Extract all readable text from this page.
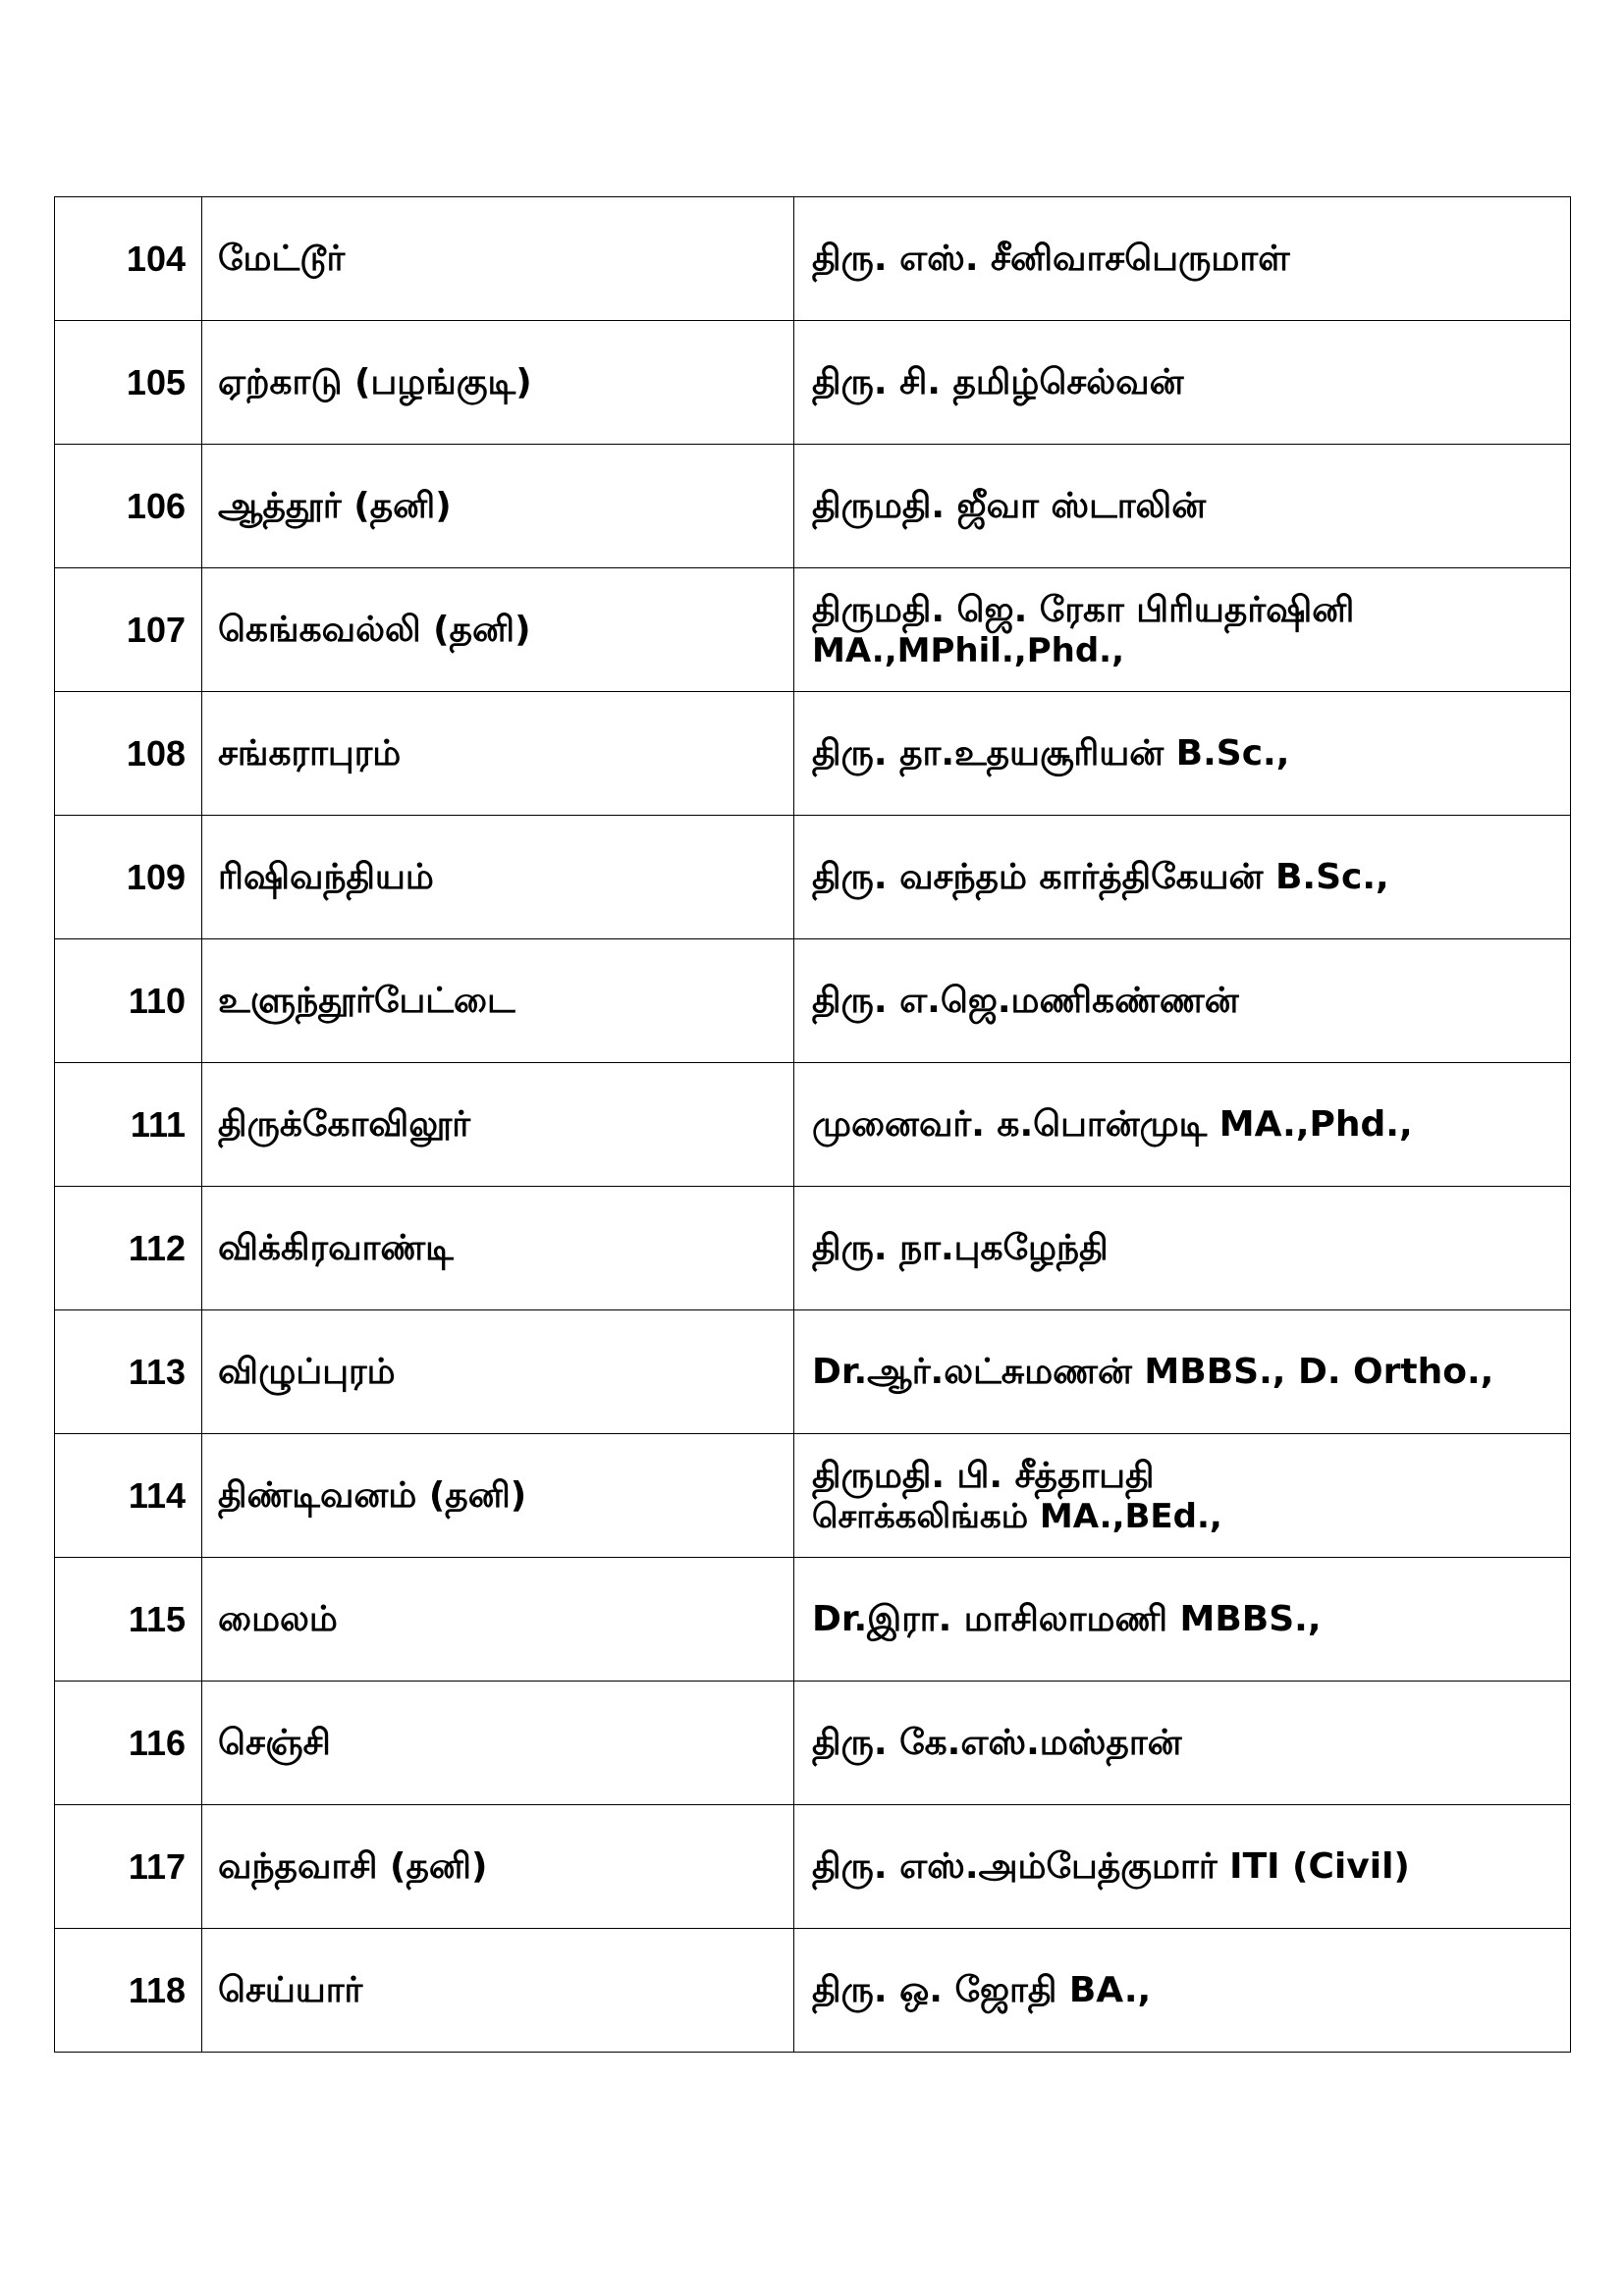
104	மேட்டூர்	திரு. எஸ். சீனிவாசபெருமாள்

105	ஏற்காடு (பழங்குடி)	திரு. சி. தமிழ்செல்வன்

106	ஆத்தூர் (தனி)	திருமதி. ஜீவா ஸ்டாலின்

107	கெங்கவல்லி (தனி)	திருமதி. ஜெ. ரேகா பிரியதர்ஷினி
MA.,MPhil.,Phd.,

108	சங்கராபுரம்	திரு. தா.உதயசூரியன் B.Sc.,

109	ரிஷிவந்தியம்	திரு. வசந்தம் கார்த்திகேயன் B.Sc.,

110	உளுந்தூர்பேட்டை	திரு. எ.ஜெ.மணிகண்ணன்

111	திருக்கோவிலூர்	முனைவர். க.பொன்முடி MA.,Phd.,

112	விக்கிரவாண்டி	திரு. நா.புகழேந்தி

113	விழுப்புரம்	Dr.ஆர்.லட்சுமணன் MBBS., D. Ortho.,

114	திண்டிவனம் (தனி)	திருமதி. பி. சீத்தாபதி
சொக்கலிங்கம் MA.,BEd.,

115	மைலம்	Dr.இரா. மாசிலாமணி MBBS.,

116	செஞ்சி	திரு. கே.எஸ்.மஸ்தான்

117	வந்தவாசி (தனி)	திரு. எஸ்.அம்பேத்குமார் ITI (Civil)

118	செய்யார்	திரு. ஒ. ஜோதி BA.,
